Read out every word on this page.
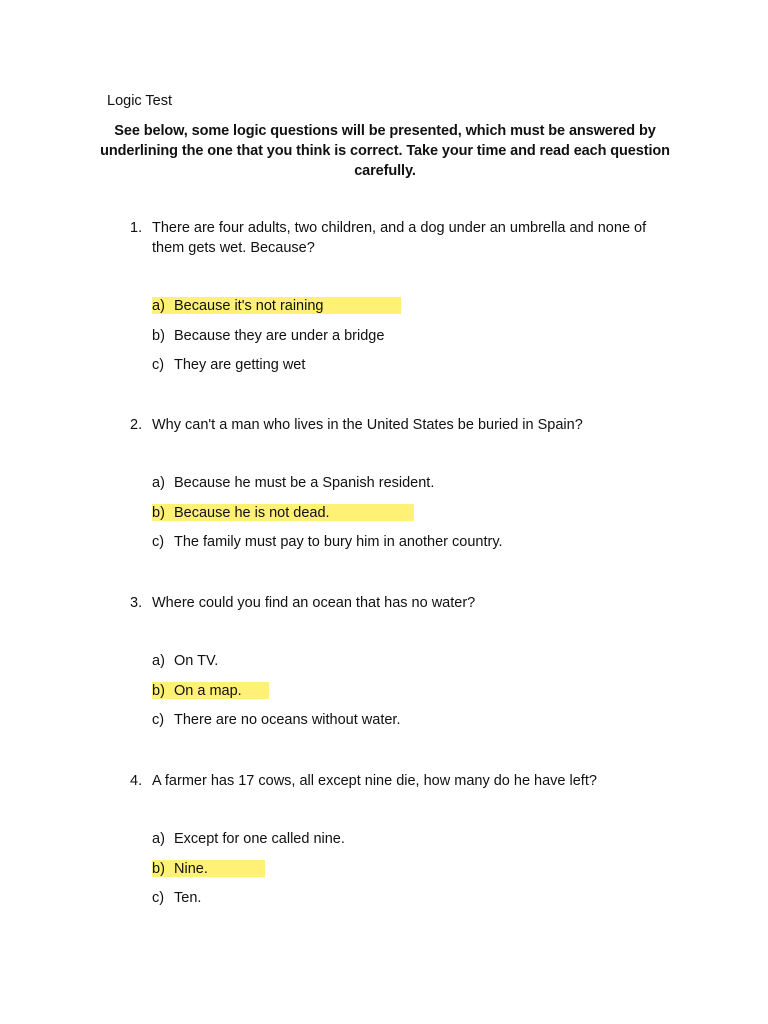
Logic Test
See below, some logic questions will be presented, which must be answered by underlining the one that you think is correct. Take your time and read each question carefully.
1. There are four adults, two children, and a dog under an umbrella and none of them gets wet. Because?
a) Because it's not raining
b) Because they are under a bridge
c) They are getting wet
2. Why can't a man who lives in the United States be buried in Spain?
a) Because he must be a Spanish resident.
b) Because he is not dead.
c) The family must pay to bury him in another country.
3. Where could you find an ocean that has no water?
a) On TV.
b) On a map.
c) There are no oceans without water.
4. A farmer has 17 cows, all except nine die, how many do he have left?
a) Except for one called nine.
b) Nine.
c) Ten.
